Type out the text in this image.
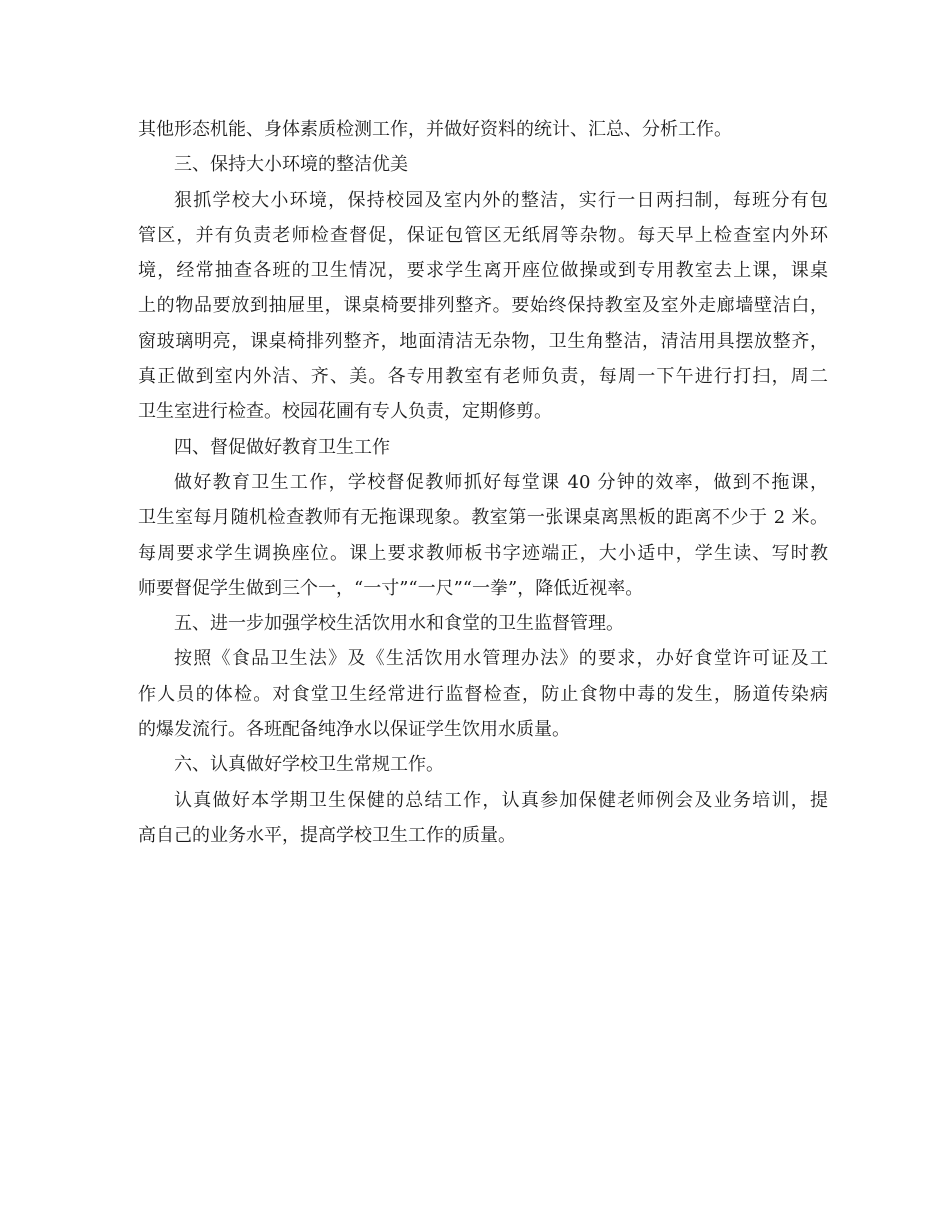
其他形态机能、身体素质检测工作，并做好资料的统计、汇总、分析工作。
三、保持大小环境的整洁优美
狠抓学校大小环境，保持校园及室内外的整洁，实行一日两扫制，每班分有包
管区，并有负责老师检查督促，保证包管区无纸屑等杂物。每天早上检查室内外环
境，经常抽查各班的卫生情况，要求学生离开座位做操或到专用教室去上课，课桌
上的物品要放到抽屉里，课桌椅要排列整齐。要始终保持教室及室外走廊墙壁洁白，
窗玻璃明亮，课桌椅排列整齐，地面清洁无杂物，卫生角整洁，清洁用具摆放整齐，
真正做到室内外洁、齐、美。各专用教室有老师负责，每周一下午进行打扫，周二
卫生室进行检查。校园花圃有专人负责，定期修剪。
四、督促做好教育卫生工作
做好教育卫生工作，学校督促教师抓好每堂课 40 分钟的效率，做到不拖课，
卫生室每月随机检查教师有无拖课现象。教室第一张课桌离黑板的距离不少于 2 米。
每周要求学生调换座位。课上要求教师板书字迹端正，大小适中，学生读、写时教
师要督促学生做到三个一，“一寸”“一尺”“一拳”，降低近视率。
五、进一步加强学校生活饮用水和食堂的卫生监督管理。
按照《食品卫生法》及《生活饮用水管理办法》的要求，办好食堂许可证及工
作人员的体检。对食堂卫生经常进行监督检查，防止食物中毒的发生，肠道传染病
的爆发流行。各班配备纯净水以保证学生饮用水质量。
六、认真做好学校卫生常规工作。
认真做好本学期卫生保健的总结工作，认真参加保健老师例会及业务培训，提
高自己的业务水平，提高学校卫生工作的质量。
